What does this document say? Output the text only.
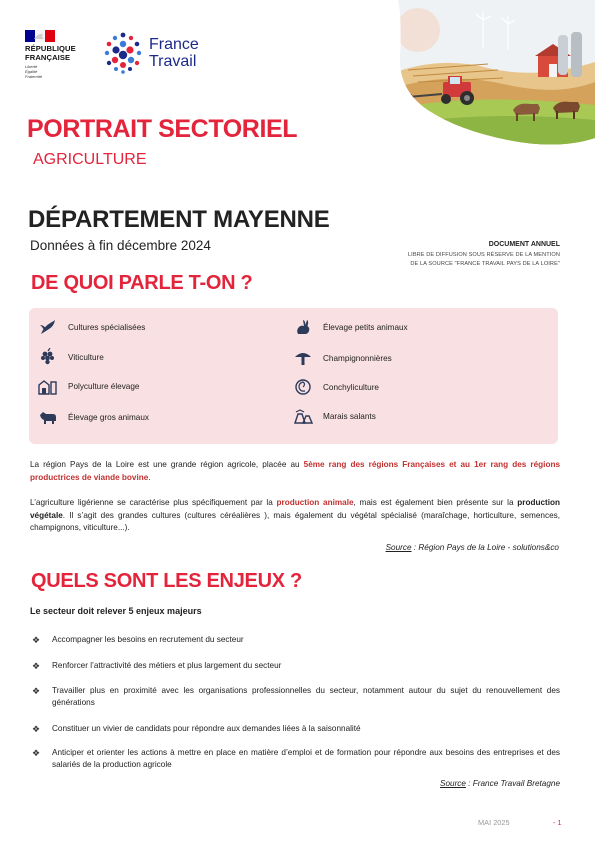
RÉPUBLIQUE
FRANÇAISE
Liberté
Égalité
Fraternité
France
Travail
PORTRAIT SECTORIEL
AGRICULTURE
DÉPARTEMENT MAYENNE
Données à fin décembre 2024	DOCUMENT ANNUEL
LIBRE DE DIFFUSION SOUS RÉSERVE DE LA MENTION
DE LA SOURCE "FRANCE TRAVAIL PAYS DE LA LOIRE"
DE QUOI PARLE T-ON ?
Cultures spécialisées
Viticulture
Polyculture élevage
Élevage gros animaux
Élevage petits animaux
Champignonnières
Conchyliculture
Marais salants
La région Pays de la Loire est une grande région agricole, placée au 5ème rang des régions Françaises et au 1er rang des régions productrices de viande bovine.
L’agriculture ligérienne se caractérise plus spécifiquement par la production animale, mais est également bien présente sur la production végétale. Il s’agit des grandes cultures (cultures céréalières ), mais également du végétal spécialisé (maraîchage, horticulture, semences, champignons, viticulture...).
Source : Région Pays de la Loire - solutions&co
QUELS SONT LES ENJEUX ?
Le secteur doit relever 5 enjeux majeurs
❖	Accompagner les besoins en recrutement du secteur
❖	Renforcer l’attractivité des métiers et plus largement du secteur
❖	Travailler plus en proximité avec les organisations professionnelles du secteur, notamment autour du sujet du renouvellement des générations
❖	Constituer un vivier de candidats pour répondre aux demandes liées à la saisonnalité
❖	Anticiper et orienter les actions à mettre en place en matière d’emploi et de formation pour répondre aux besoins des entreprises et des salariés de la production agricole
Source : France Travail Bretagne
MAI 2025	- 1
